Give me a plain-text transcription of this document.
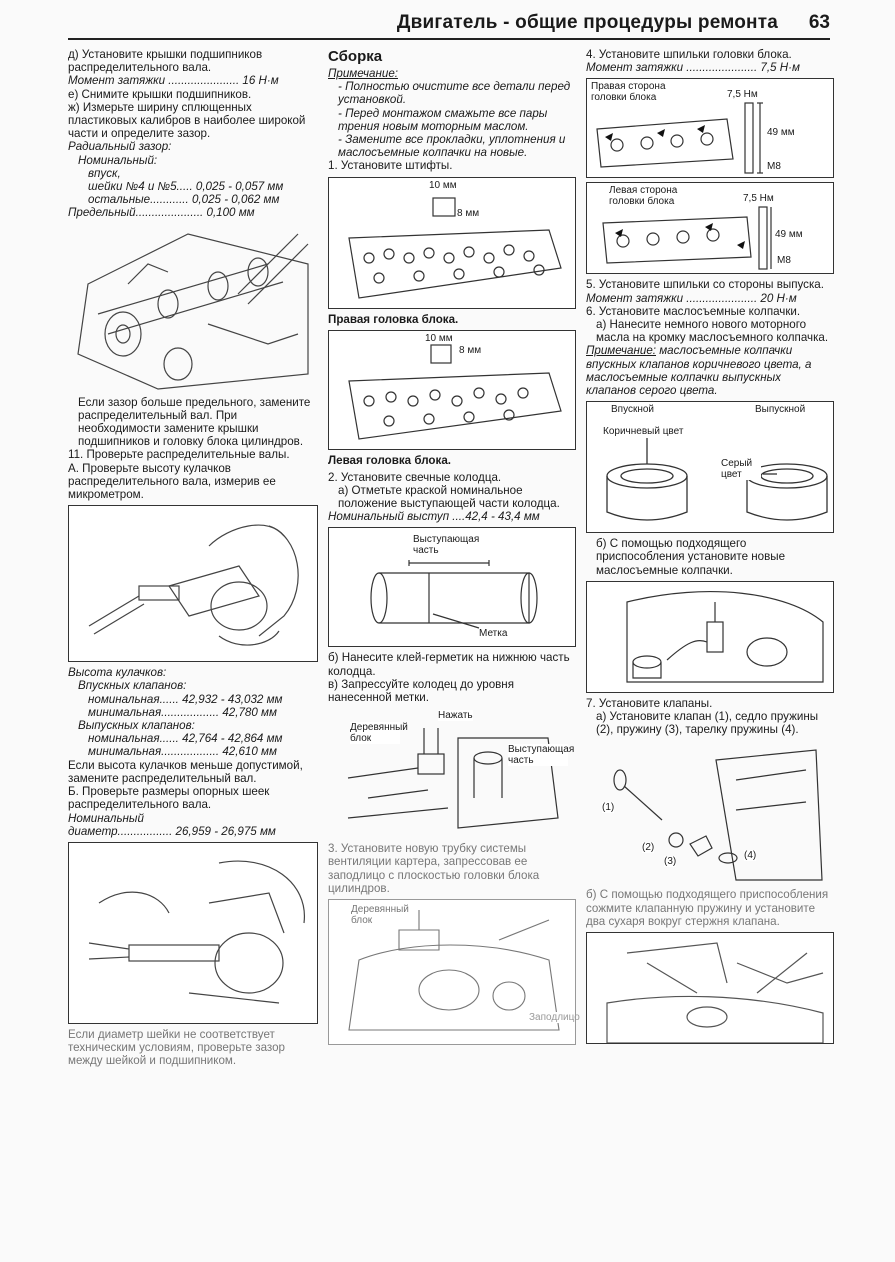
Двигатель - общие процедуры ремонта 63

д) Установите крышки подшипников распределительного вала.

Момент затяжки ...................... 16 Н·м

е) Снимите крышки подшипников.

ж) Измерьте ширину сплющенных пластиковых калибров в наиболее широкой части и определите зазор.

Радиальный зазор:

Номинальный:

впуск,

шейки №4 и №5..... 0,025 - 0,057 мм

остальные............ 0,025 - 0,062 мм

Предельный..................... 0,100 мм

Если зазор больше предельного, замените распределительный вал. При необходимости замените крышки подшипников и головку блока цилиндров.

11. Проверьте распределительные валы.

А. Проверьте высоту кулачков распределительного вала, измерив ее микрометром.

Высота кулачков:

Впускных клапанов:

номинальная...... 42,932 - 43,032 мм

минимальная.................. 42,780 мм

Выпускных клапанов:

номинальная...... 42,764 - 42,864 мм

минимальная.................. 42,610 мм

Если высота кулачков меньше допустимой, замените распределительный вал.

Б. Проверьте размеры опорных шеек распределительного вала.

Номинальный

диаметр................. 26,959 - 26,975 мм

Если диаметр шейки не соответствует техническим условиям, проверьте зазор между шейкой и подшипником.

Сборка

Примечание:

- Полностью очистите все детали перед установкой.

- Перед монтажом смажьте все пары трения новым моторным маслом.

- Замените все прокладки, уплотнения и маслосъемные колпачки на новые.

1. Установите штифты.

10 мм
8 мм

Правая головка блока.

10 мм
8 мм

Левая головка блока.

2. Установите свечные колодца.

а) Отметьте краской номинальное положение выступающей части колодца.

Номинальный выступ ....42,4 - 43,4 мм

Выступающая часть
Метка

б) Нанесите клей-герметик на нижнюю часть колодца.

в) Запрессуйте колодец до уровня нанесенной метки.

Нажать
Деревянный блок
Выступающая часть

3. Установите новую трубку системы вентиляции картера, запрессовав ее заподлицо с плоскостью головки блока цилиндров.

Деревянный блок
Заподлицо

4. Установите шпильки головки блока.

Момент затяжки ...................... 7,5 Н·м

Правая сторона головки блока	7,5 Нм
49 мм
М8
Левая сторона головки блока	7,5 Нм
49 мм
М8

5. Установите шпильки со стороны выпуска.

Момент затяжки ...................... 20 Н·м

6. Установите маслосъемные колпачки.

а) Нанесите немного нового моторного масла на кромку маслосъемного колпачка.

Примечание: маслосъемные колпачки впускных клапанов коричневого цвета, а маслосъемные колпачки выпускных клапанов серого цвета.

Впускной	Выпускной
Коричневый цвет
Серый цвет

б) С помощью подходящего приспособления установите новые маслосъемные колпачки.

7. Установите клапаны.

а) Установите клапан (1), седло пружины (2), пружину (3), тарелку пружины (4).

(1)
(2)
(3)
(4)

б) С помощью подходящего приспособления сожмите клапанную пружину и установите два сухаря вокруг стержня клапана.
